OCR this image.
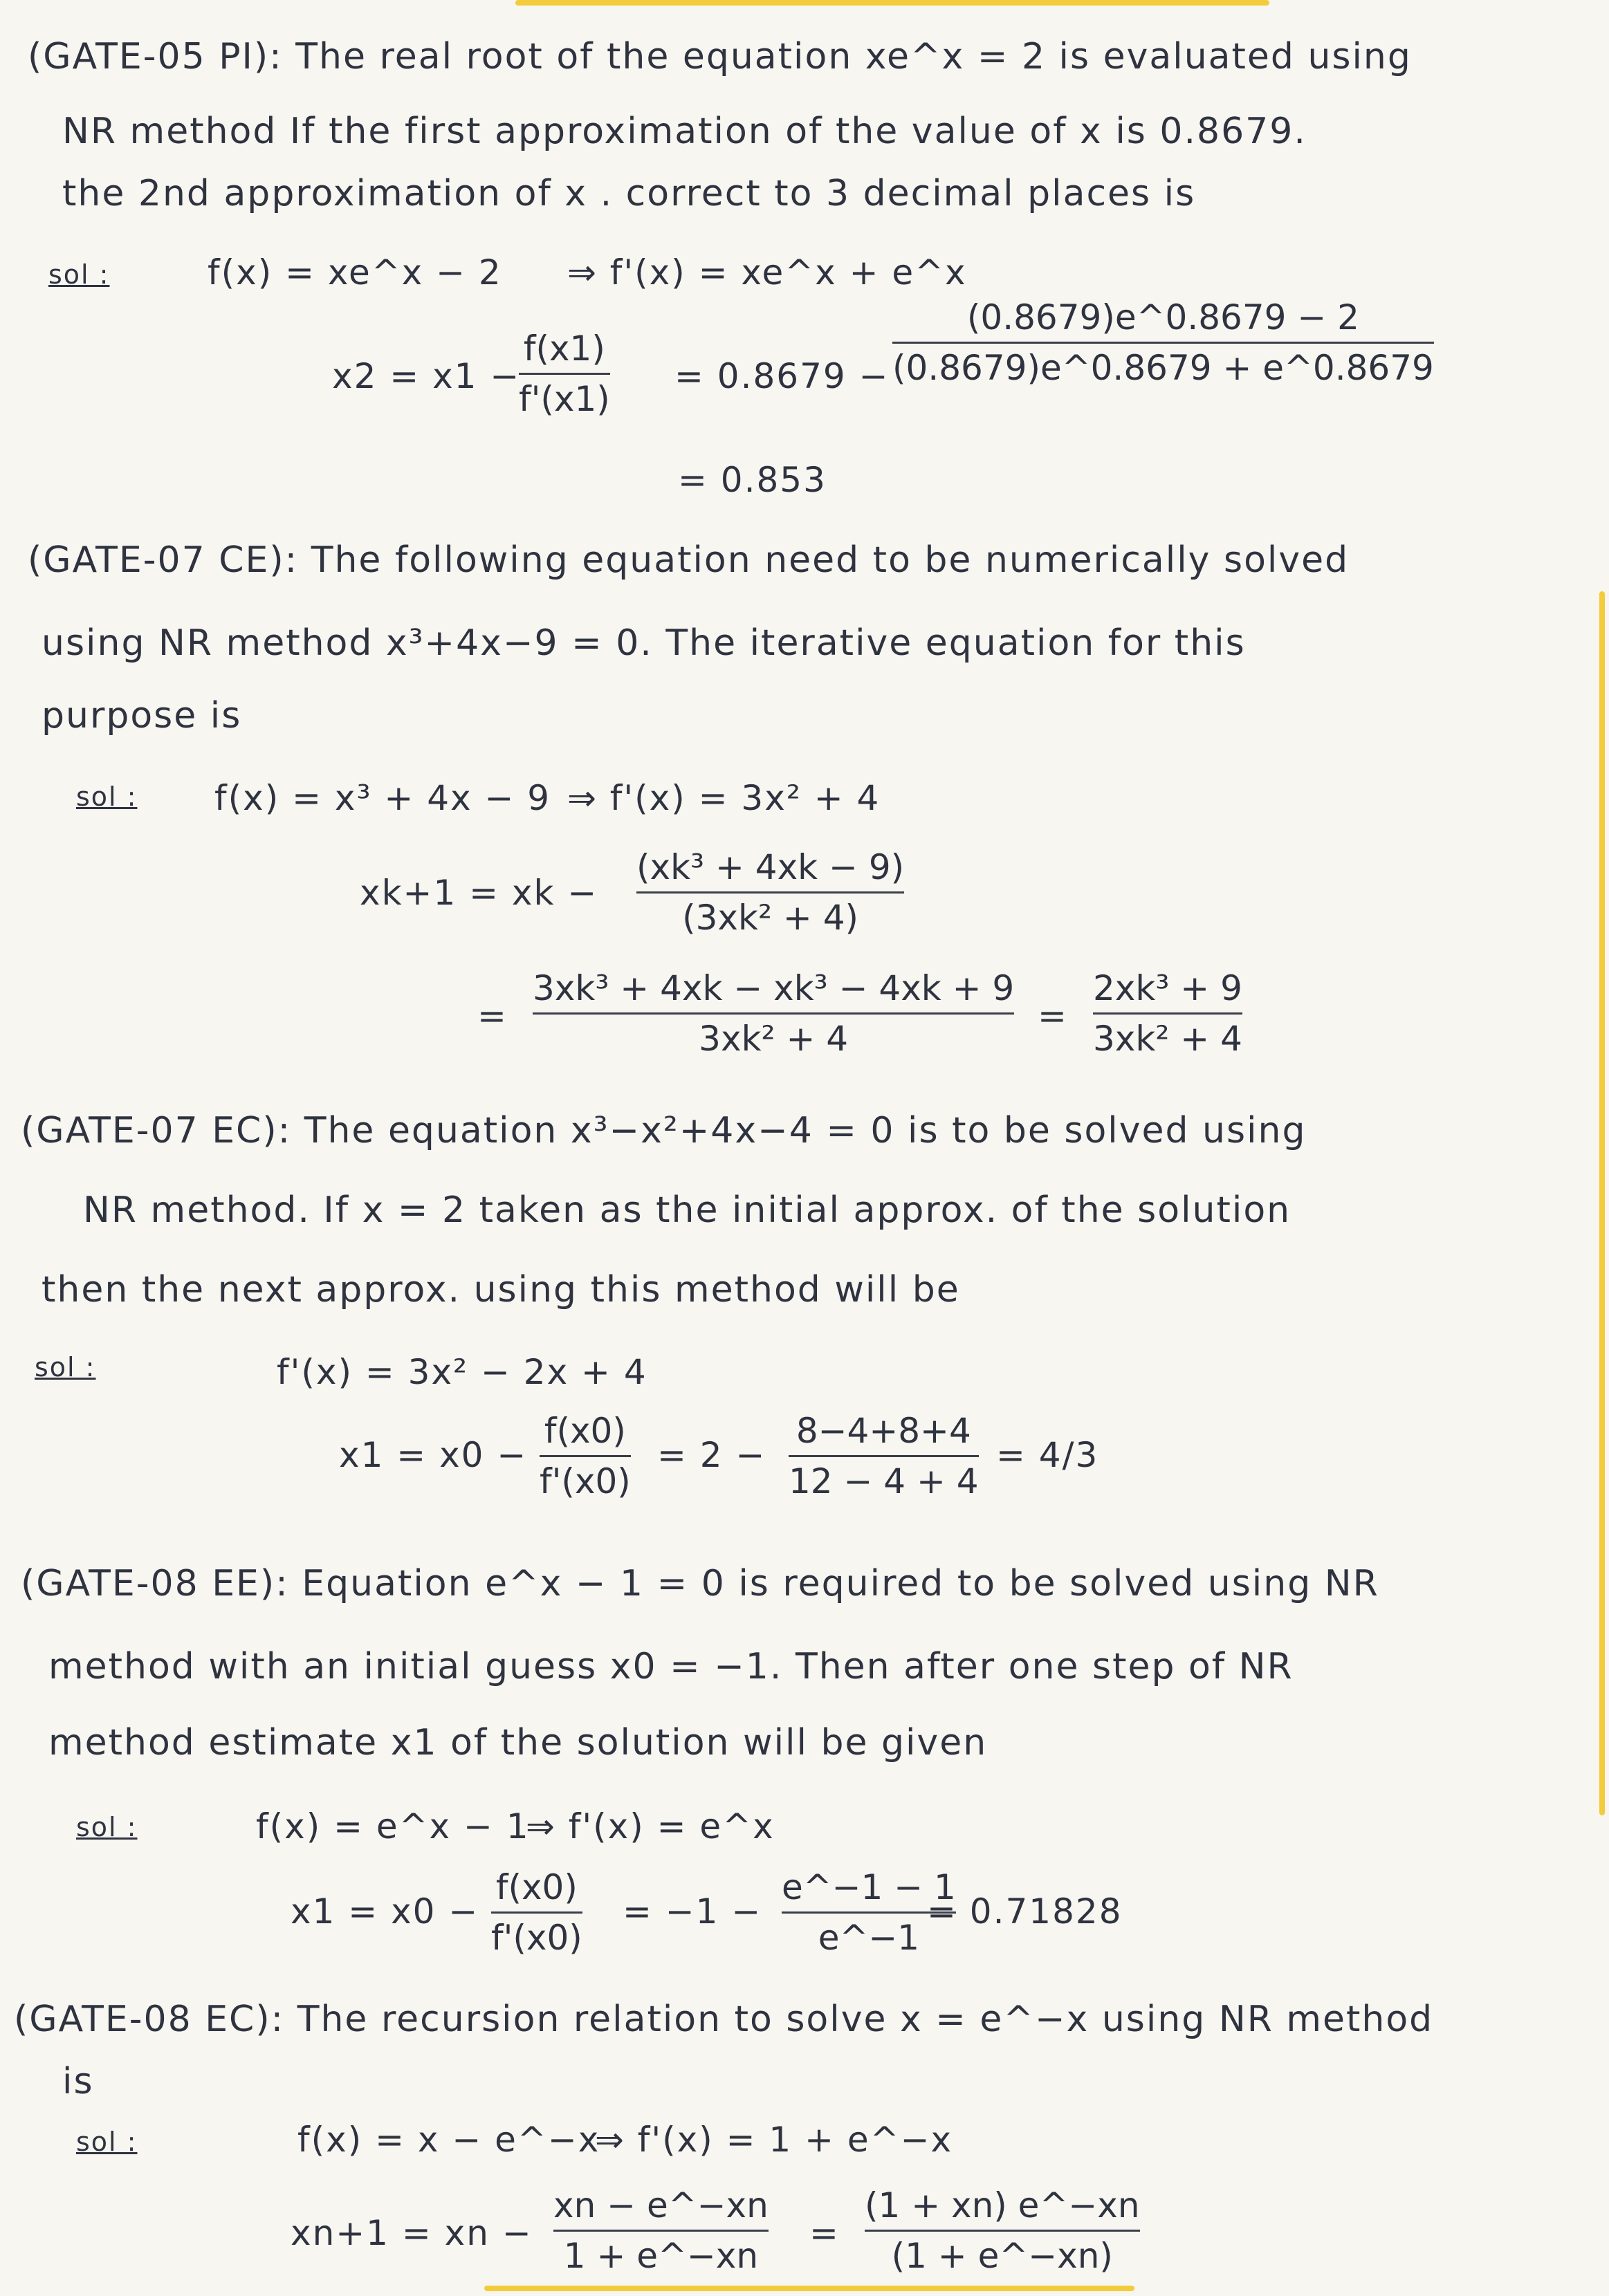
(GATE-05 PI): The real root of the equation xe^x = 2 is evaluated using
NR method If the first approximation of the value of x is 0.8679.
the 2nd approximation of x . correct to 3 decimal places is
sol :	f(x) = xe^x − 2 ⇒ f'(x) = xe^x + e^x
x2 = x1 −
$\frac{f(x1)}{f'(x1)} = 0.8679 - \frac{(0.8679)e\^{}0.8679 - 2}{(0.8679)e\^{}0.8679 + e\^{}0.8679}$
= 0.853
(GATE-07 CE): The following equation need to be numerically solved
using NR method x³+4x−9 = 0. The iterative equation for this
purpose is
sol : f(x) = x³ + 4x − 9 ⇒ f'(x) = 3x² + 4
xk+1 = xk − $\frac{\text{(xk³ + 4xk − 9)}}{\text{(3xk² + 4)}}$
= $\frac{\text{3xk³ + 4xk − xk³ − 4xk + 9}}{\text{3xk² + 4}} = \frac{\text{2xk³ + 9}}{\text{3xk² + 4}}$
(GATE-07 EC): The equation x³−x²+4x−4 = 0 is to be solved using
NR method. If x = 2 taken as the initial approx. of the solution
then the next approx. using this method will be
sol :	f'(x) = 3x² − 2x + 4
$x1 = x0 - \frac{f(x0)}{f'(x0)} = 2 - \frac{8-4+8+4}{12 - 4 + 4} = 4/3$
(GATE-08 EE): Equation e^x − 1 = 0 is required to be solved using NR
method with an initial guess x0 = −1. Then after one step of NR
method estimate x1 of the solution will be given
sol :	f(x) = e^x − 1
⇒ f'(x) = e^x
$x1 = x0 - \frac{f(x0)}{f'(x0)} = -1 - \frac{e\^{}-1 - 1}{e\^{}-1}$
= 0.71828
(GATE-08 EC): The recursion relation to solve x = e^−x using NR method
is
sol :	f(x) = x − e^−x
⇒ f'(x) = 1 + e^−x
xn+1 = xn − $\frac{xn - e\^{}-xn}{1 + e\^{}-xn} = \frac{(1 + xn) e\^{}-xn}{(1 + e\^{}-xn)}$
